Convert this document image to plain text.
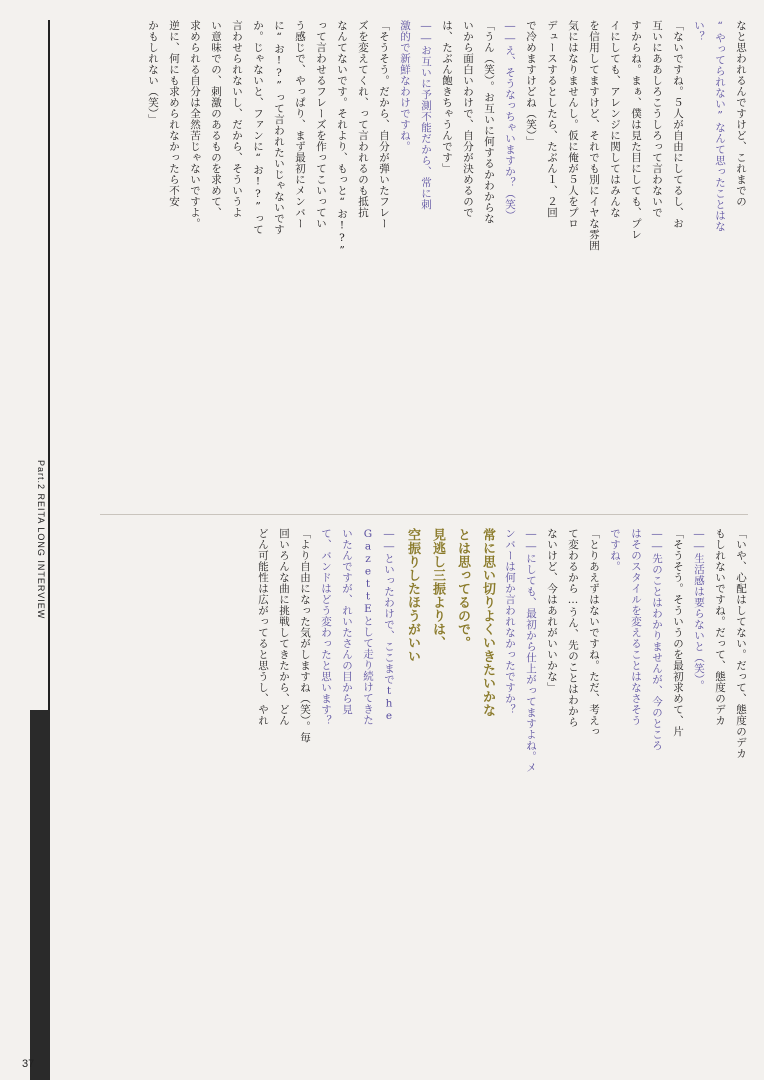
Part.2 REITA LONG INTERVIEW
なと思われるんですけど、これまでの
“やってられない”なんて思ったことはな
い？
「ないですね。５人が自由にしてるし、お
互いにああしろこうしろって言わないで
すからね。まぁ、僕は見た目にしても、プレ
イにしても、アレンジに関してはみんな
を信用してますけど、それでも別にイヤな雰囲
気にはなりませんし。仮に俺が５人をプロ
デュースするとしたら、たぶん１、２回
で冷めますけどね（笑）」
――え、そうなっちゃいますか？（笑）
「うん（笑）。お互いに何するかわからな
いから面白いわけで、自分が決めるので
は、たぶん飽きちゃうんです」
――お互いに予測不能だから、常に刺
激的で新鮮なわけですね。
「そうそう。だから、自分が弾いたフレー
ズを変えてくれ、って言われるのも抵抗
なんてないです。それより、もっと“お!?”
って言わせるフレーズを作ってこいってい
う感じで、やっぱり、まず最初にメンバー
に“お!?”って言われたいじゃないです
か。じゃないと、ファンに“お!?”って
言わせられないし、だから、そういうよ
い意味での、刺激のあるものを求めて、
求められる自分は全然苦じゃないですよ。
逆に、何にも求められなかったら不安
かもしれない（笑）」
「いや、心配はしてない。だって、態度のデカ
もしれないですね。だって、態度のデカ
――生活感は要らないと（笑）。
「そうそう。そういうのを最初求めて、片
――先のことはわかりませんが、今のところ
はそのスタイルを変えることはなさそう
ですね。
「とりあえずはないですね。ただ、考えっ
て変わるから…うん、先のことはわから
ないけど、今はあれがいいかな」
――にしても、最初から仕上がってますよね。メ
ンバーは何か言われなかったですか？
常に思い切りよくいきたいかな
とは思ってるので。
見逃し三振よりは、
空振りしたほうがいい
――といったわけで、ここまでthe
GazettEとして走り続けてきた
いたんですが、れいたさんの目から見
て、バンドはどう変わったと思います？
「より自由になった気がしますね（笑）。毎
回いろんな曲に挑戦してきたから、どん
どん可能性は広がってると思うし、やれ
37
